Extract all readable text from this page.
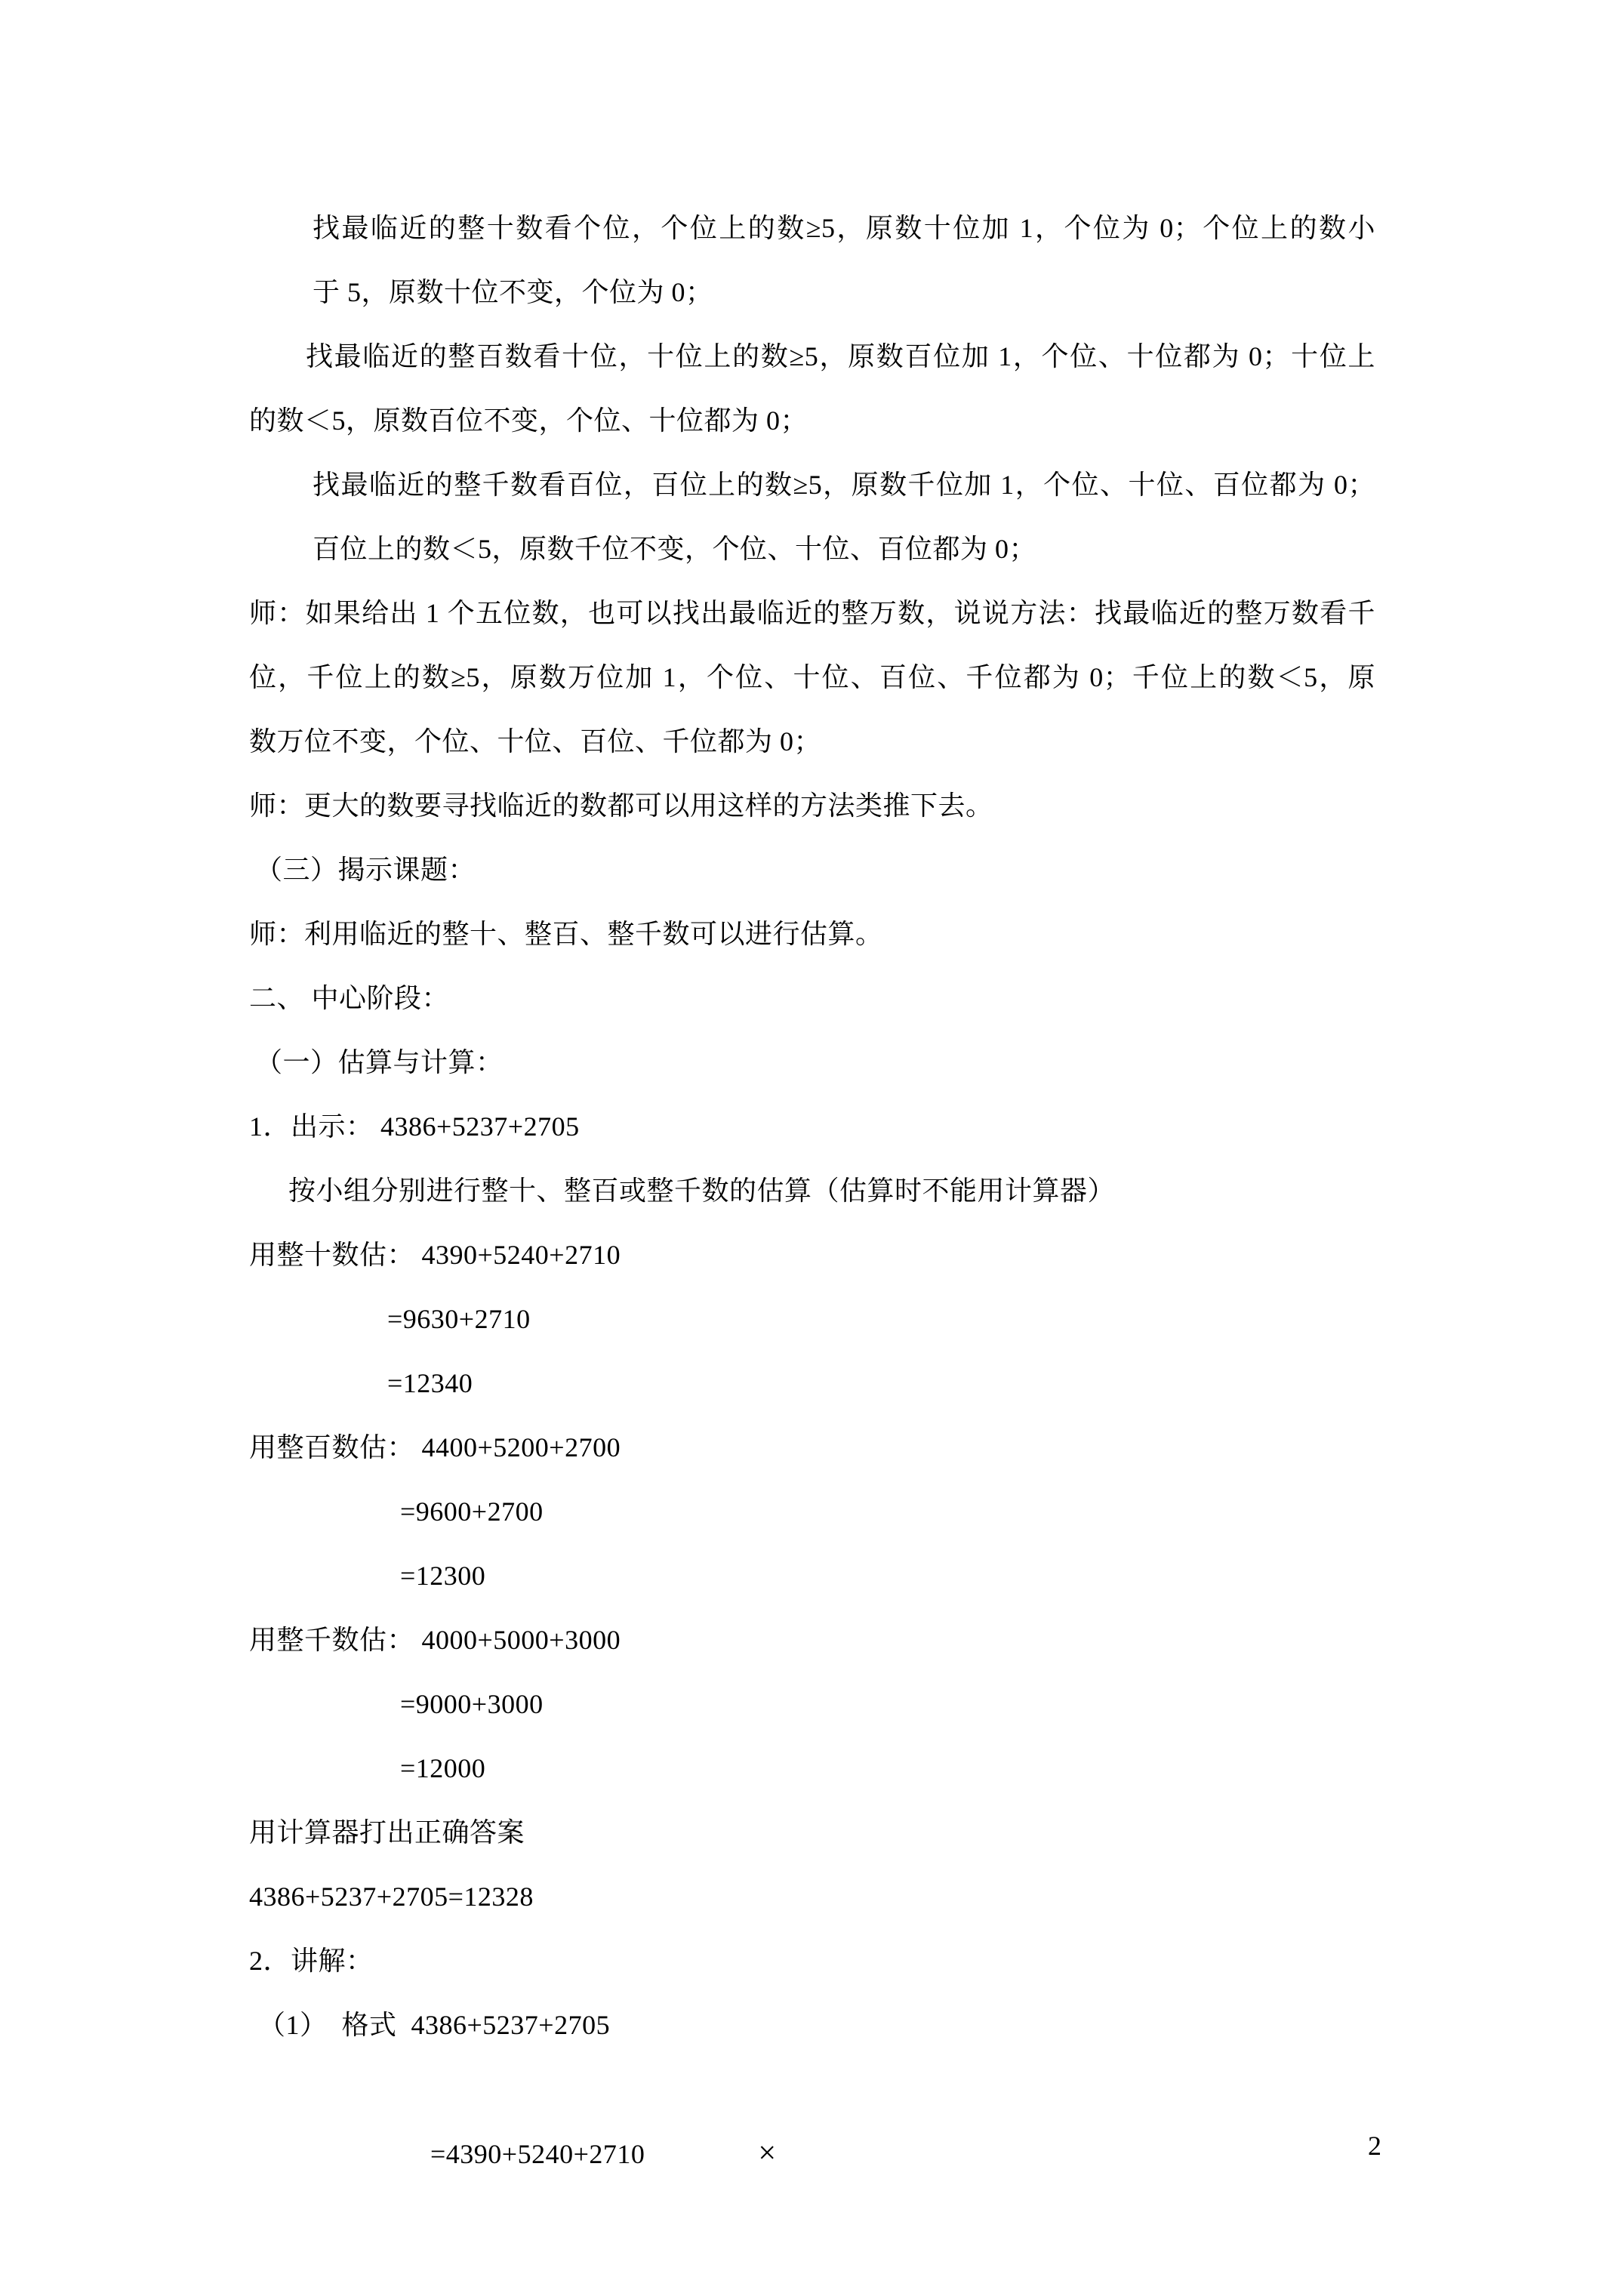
找最临近的整十数看个位，个位上的数≥5，原数十位加 1，个位为 0；个位上的数小
于 5，原数十位不变，个位为 0；
找最临近的整百数看十位，十位上的数≥5，原数百位加 1，个位、十位都为 0；十位上
的数＜5，原数百位不变，个位、十位都为 0；
找最临近的整千数看百位，百位上的数≥5，原数千位加 1，个位、十位、百位都为 0；
百位上的数＜5，原数千位不变，个位、十位、百位都为 0；
师：如果给出 1 个五位数，也可以找出最临近的整万数，说说方法：找最临近的整万数看千
位，千位上的数≥5，原数万位加 1，个位、十位、百位、千位都为 0；千位上的数＜5，原
数万位不变，个位、十位、百位、千位都为 0；
师：更大的数要寻找临近的数都可以用这样的方法类推下去。
（三）揭示课题：
师：利用临近的整十、整百、整千数可以进行估算。
二、 中心阶段：
（一）估算与计算：
1．出示： 4386+5237+2705
按小组分别进行整十、整百或整千数的估算（估算时不能用计算器）
用整十数估： 4390+5240+2710
=9630+2710
=12340
用整百数估： 4400+5200+2700
=9600+2700
=12300
用整千数估： 4000+5000+3000
=9000+3000
=12000
用计算器打出正确答案
4386+5237+2705=12328
2．讲解：
（1）  格式  4386+5237+2705

=4390+5240+2710	×
	2
